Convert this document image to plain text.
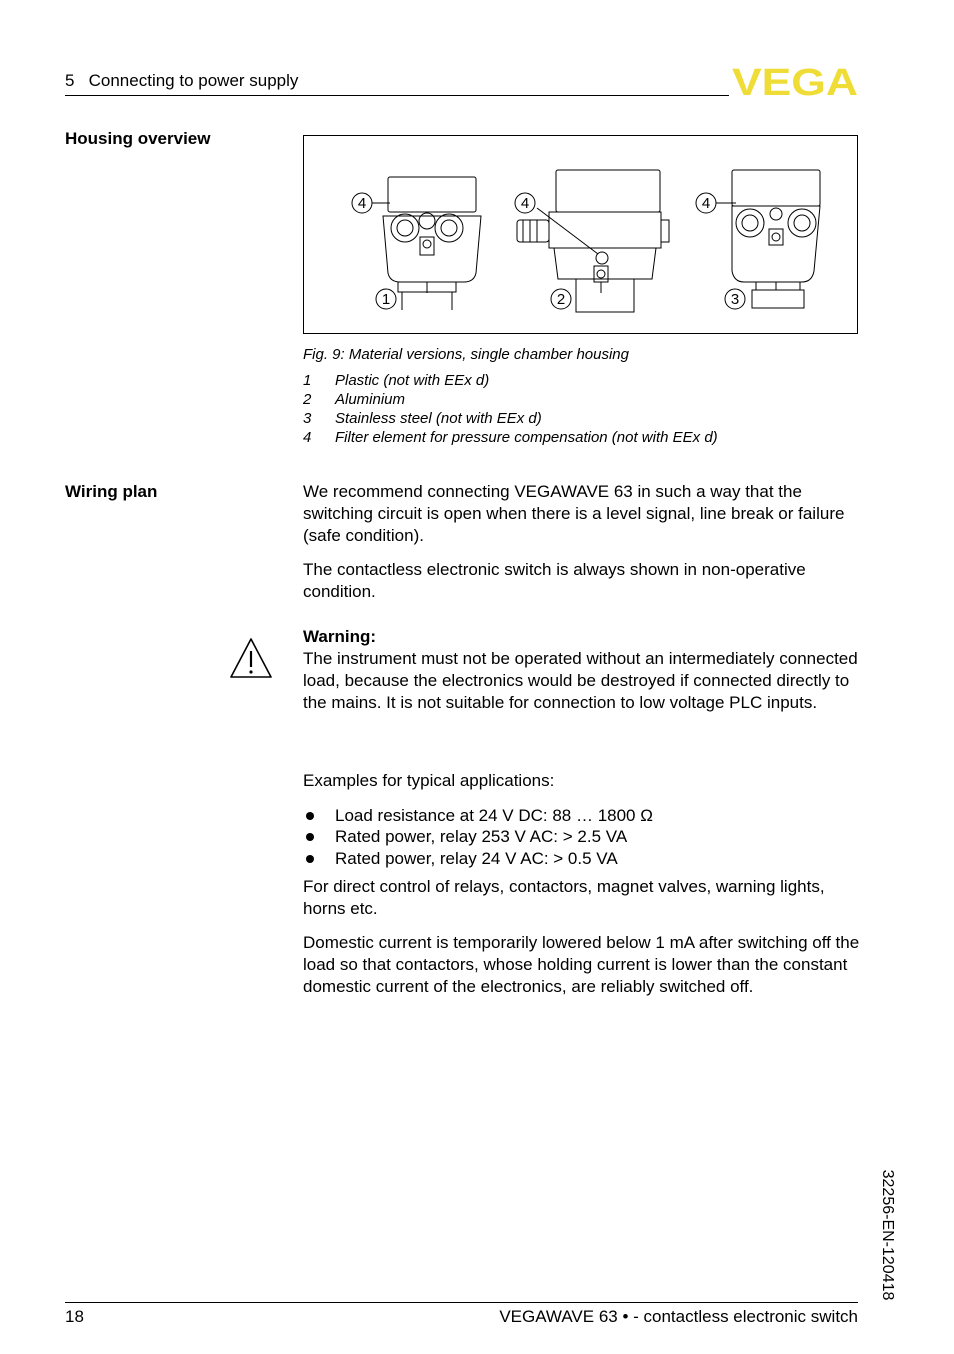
5   Connecting to power supply	VEGA
Housing overview
4	4	4
1	2	3
Fig. 9: Material versions, single chamber housing
1	Plastic (not with EEx d)
2	Aluminium
3	Stainless steel (not with EEx d)
4	Filter element for pressure compensation (not with EEx d)
Wiring plan	We recommend connecting VEGAWAVE 63 in such a way that the switching circuit is open when there is a level signal, line break or failure (safe condition).

The contactless electronic switch is always shown in non-operative condition.

Warning:

The instrument must not be operated without an intermediately connected load, because the electronics would be destroyed if connected directly to the mains. It is not suitable for connection to low voltage PLC inputs.

Examples for typical applications:
Load resistance at 24 V DC: 88 … 1800 Ω
Rated power, relay 253 V AC: > 2.5 VA
Rated power, relay 24 V AC: > 0.5 VA

For direct control of relays, contactors, magnet valves, warning lights, horns etc.

Domestic current is temporarily lowered below 1 mA after switching off the load so that contactors, whose holding current is lower than the constant domestic current of the electronics, are reliably switched off.

32256-EN-120418
18	VEGAWAVE 63 • - contactless electronic switch
